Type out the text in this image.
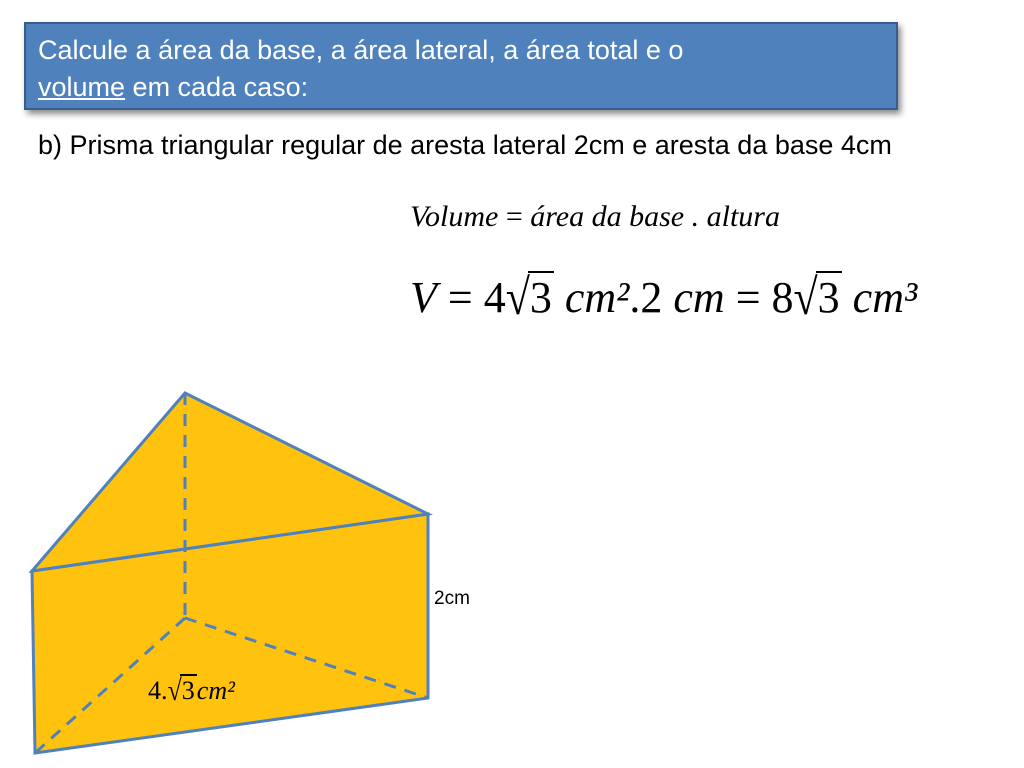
Calcule a área da base, a área lateral, a área total e o
volume em cada caso:
b) Prisma triangular regular de aresta lateral 2cm e aresta da base 4cm
Volume = área da base . altura
V = 4√3 cm².2 cm = 8√3 cm³
2cm
4.√3cm²
